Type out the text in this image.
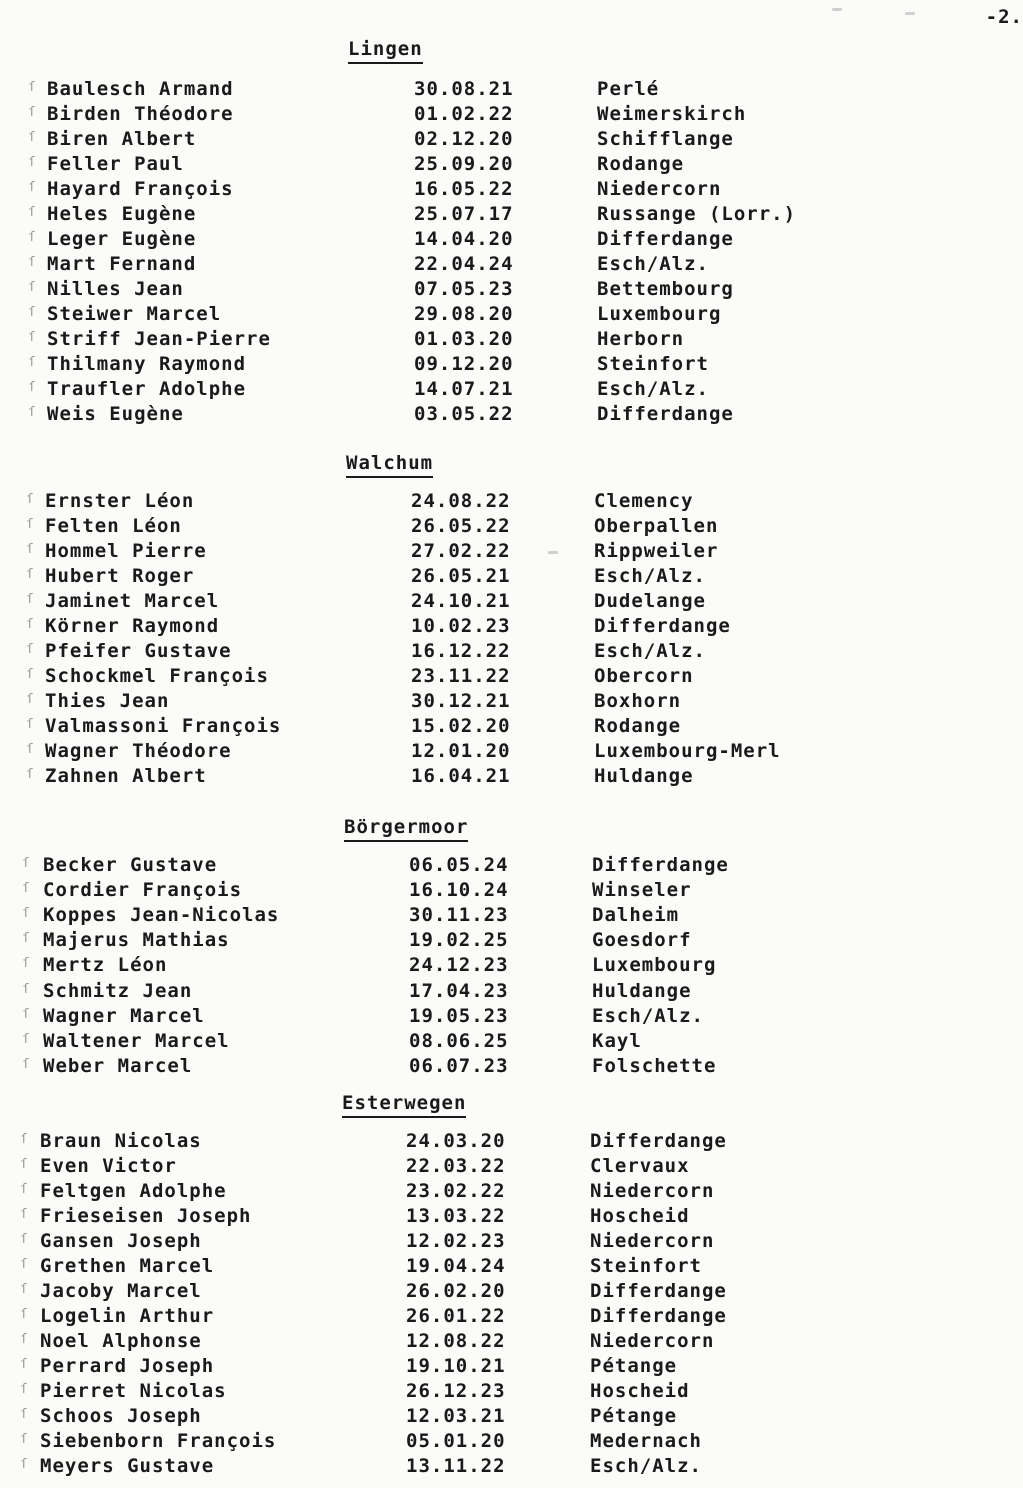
-2.
Lingen
ſ Baulesch Armand	30.08.21	Perlé
ſ Birden Théodore	01.02.22	Weimerskirch
ſ Biren Albert	02.12.20	Schifflange
ſ Feller Paul	25.09.20	Rodange
ſ Hayard François	16.05.22	Niedercorn
ſ Heles Eugène	25.07.17	Russange (Lorr.)
ſ Leger Eugène	14.04.20	Differdange
ſ Mart Fernand	22.04.24	Esch/Alz.
ſ Nilles Jean	07.05.23	Bettembourg
ſ Steiwer Marcel	29.08.20	Luxembourg
ſ Striff Jean-Pierre	01.03.20	Herborn
ſ Thilmany Raymond	09.12.20	Steinfort
ſ Traufler Adolphe	14.07.21	Esch/Alz.
ſ Weis Eugène	03.05.22	Differdange
Walchum
ſ Ernster Léon	24.08.22	Clemency
ſ Felten Léon	26.05.22	Oberpallen
ſ Hommel Pierre	27.02.22	Rippweiler
ſ Hubert Roger	26.05.21	Esch/Alz.
ſ Jaminet Marcel	24.10.21	Dudelange
ſ Körner Raymond	10.02.23	Differdange
ſ Pfeifer Gustave	16.12.22	Esch/Alz.
ſ Schockmel François	23.11.22	Obercorn
ſ Thies Jean	30.12.21	Boxhorn
ſ Valmassoni François	15.02.20	Rodange
ſ Wagner Théodore	12.01.20	Luxembourg-Merl
ſ Zahnen Albert	16.04.21	Huldange
Börgermoor
ſ Becker Gustave	06.05.24	Differdange
ſ Cordier François	16.10.24	Winseler
ſ Koppes Jean-Nicolas	30.11.23	Dalheim
ſ Majerus Mathias	19.02.25	Goesdorf
ſ Mertz Léon	24.12.23	Luxembourg
ſ Schmitz Jean	17.04.23	Huldange
ſ Wagner Marcel	19.05.23	Esch/Alz.
ſ Waltener Marcel	08.06.25	Kayl
ſ Weber Marcel	06.07.23	Folschette
Esterwegen
ſ Braun Nicolas	24.03.20	Differdange
ſ Even Victor	22.03.22	Clervaux
ſ Feltgen Adolphe	23.02.22	Niedercorn
ſ Frieseisen Joseph	13.03.22	Hoscheid
ſ Gansen Joseph	12.02.23	Niedercorn
ſ Grethen Marcel	19.04.24	Steinfort
ſ Jacoby Marcel	26.02.20	Differdange
ſ Logelin Arthur	26.01.22	Differdange
ſ Noel Alphonse	12.08.22	Niedercorn
ſ Perrard Joseph	19.10.21	Pétange
ſ Pierret Nicolas	26.12.23	Hoscheid
ſ Schoos Joseph	12.03.21	Pétange
ſ Siebenborn François	05.01.20	Medernach
ſ Meyers Gustave	13.11.22	Esch/Alz.
